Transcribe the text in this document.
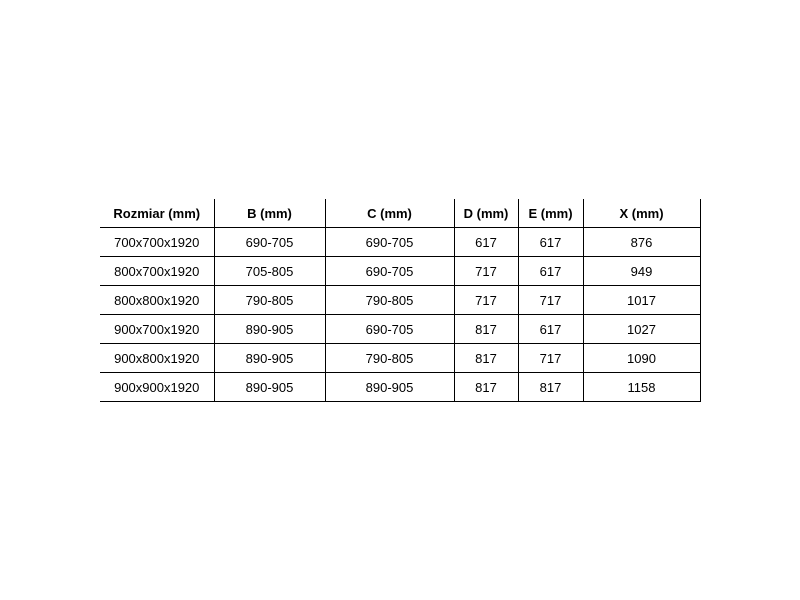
Rozmiar (mm)	B (mm)	C (mm)	D (mm)	E (mm)	X (mm)
700x700x1920	690-705	690-705	617	617	876
800x700x1920	705-805	690-705	717	617	949
800x800x1920	790-805	790-805	717	717	1017
900x700x1920	890-905	690-705	817	617	1027
900x800x1920	890-905	790-805	817	717	1090
900x900x1920	890-905	890-905	817	817	1158
